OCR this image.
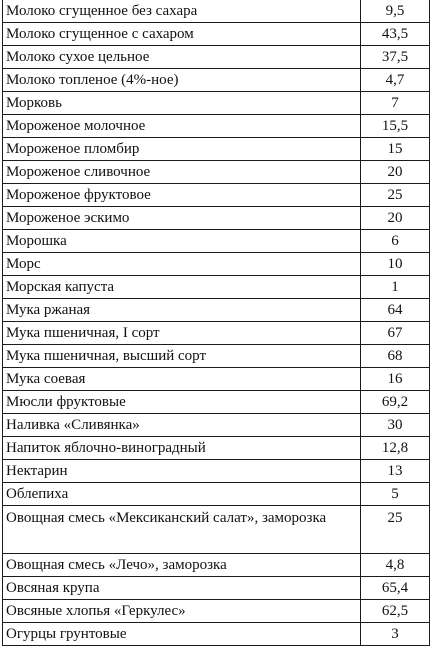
Молоко сгущенное без сахара	9,5
Молоко сгущенное с сахаром	43,5
Молоко сухое цельное	37,5
Молоко топленое (4%-ное)	4,7
Морковь	7
Мороженое молочное	15,5
Мороженое пломбир	15
Мороженое сливочное	20
Мороженое фруктовое	25
Мороженое эскимо	20
Морошка	6
Морс	10
Морская капуста	1
Мука ржаная	64
Мука пшеничная, I сорт	67
Мука пшеничная, высший сорт	68
Мука соевая	16
Мюсли фруктовые	69,2
Наливка «Сливянка»	30
Напиток яблочно-виноградный	12,8
Нектарин	13
Облепиха	5
Овощная смесь «Мексиканский салат», заморозка	25
Овощная смесь «Лечо», заморозка	4,8
Овсяная крупа	65,4
Овсяные хлопья «Геркулес»	62,5
Огурцы грунтовые	3
